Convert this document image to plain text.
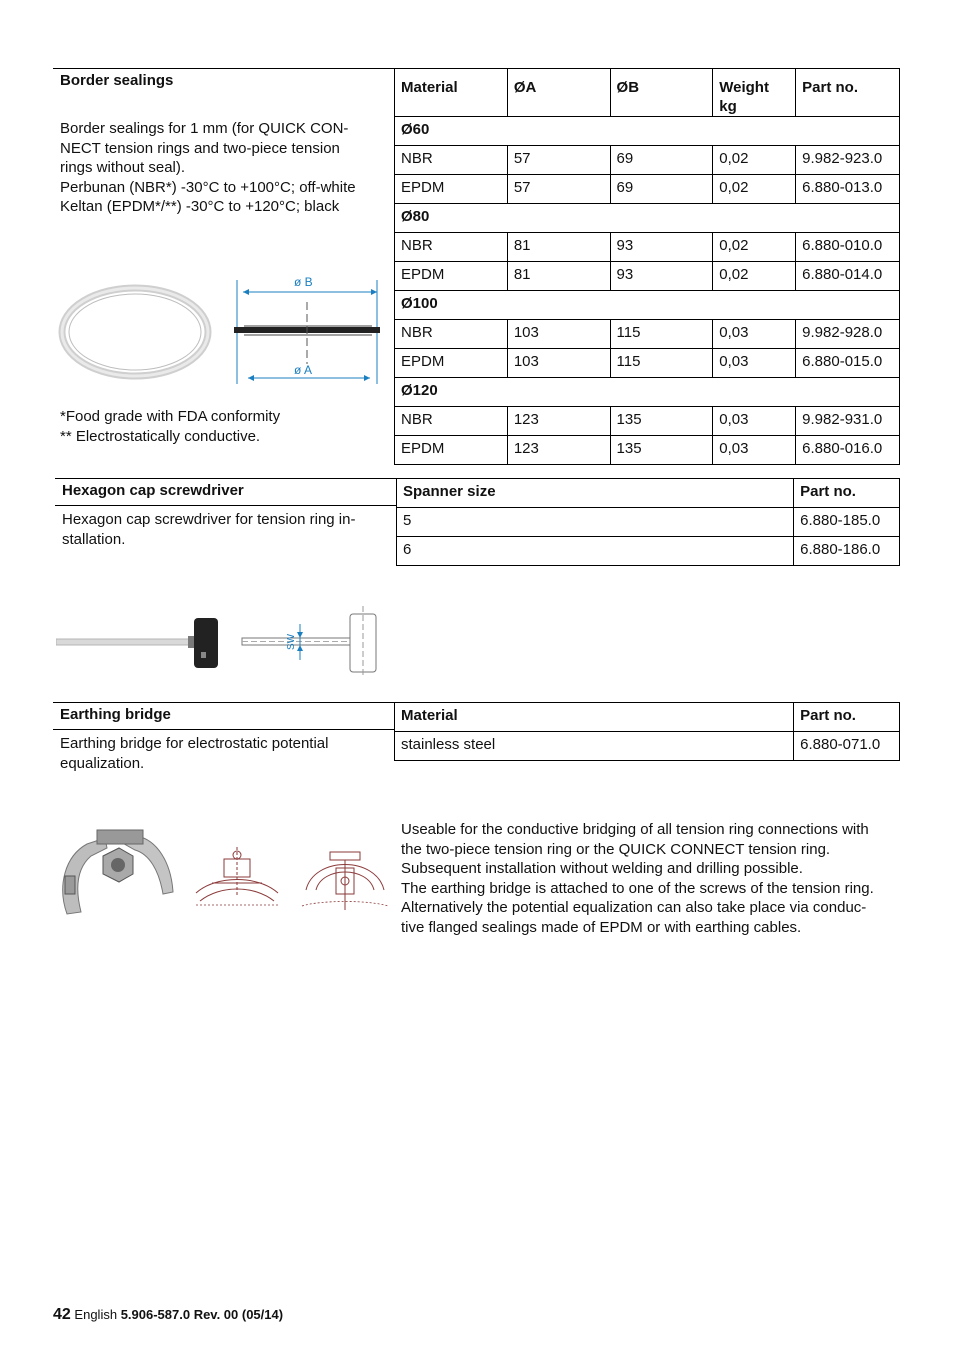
Border sealings
Border sealings for 1 mm (for QUICK CON-
NECT tension rings and two-piece tension
rings without seal).
Perbunan (NBR*) -30°C to +100°C; off-white
Keltan (EPDM*/**) -30°C to +120°C; black
ø B
ø A
*Food grade with FDA conformity
** Electrostatically conductive.
Material	ØA	ØB	Weight kg	Part no.
Ø60				
NBR	57	69	0,02	9.982-923.0
EPDM	57	69	0,02	6.880-013.0
Ø80				
NBR	81	93	0,02	6.880-010.0
EPDM	81	93	0,02	6.880-014.0
Ø100				
NBR	103	115	0,03	9.982-928.0
EPDM	103	115	0,03	6.880-015.0
Ø120				
NBR	123	135	0,03	9.982-931.0
EPDM	123	135	0,03	6.880-016.0
Hexagon cap screwdriver
Hexagon cap screwdriver for tension ring in-
stallation.
Spanner size	Part no.
5	6.880-185.0
6	6.880-186.0
SW
Earthing bridge
Earthing bridge for electrostatic potential
equalization.
Material	Part no.
stainless steel	6.880-071.0
Useable for the conductive bridging of all tension ring connections with
the two-piece tension ring or the QUICK CONNECT tension ring.
Subsequent installation without welding and drilling possible.
The earthing bridge is attached to one of the screws of the tension ring.
Alternatively the potential equalization can also take place via conduc-
tive flanged sealings made of EPDM or with earthing cables.
42 English 5.906-587.0 Rev. 00 (05/14)
